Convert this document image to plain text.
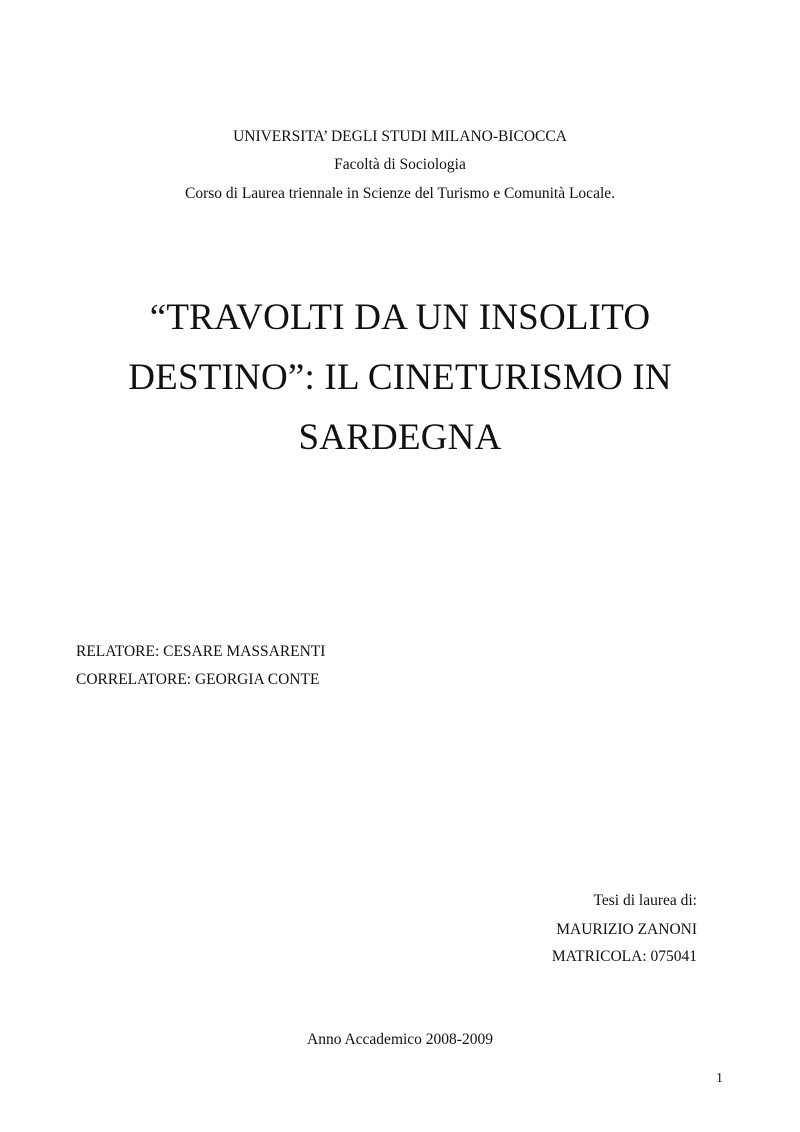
UNIVERSITA’ DEGLI STUDI MILANO-BICOCCA
Facoltà di Sociologia
Corso di Laurea triennale in Scienze del Turismo e Comunità Locale.
“TRAVOLTI DA UN INSOLITO
DESTINO”: IL CINETURISMO IN
SARDEGNA
RELATORE: CESARE MASSARENTI
CORRELATORE: GEORGIA CONTE
Tesi di laurea di:
MAURIZIO ZANONI
MATRICOLA: 075041
Anno Accademico 2008-2009
1
